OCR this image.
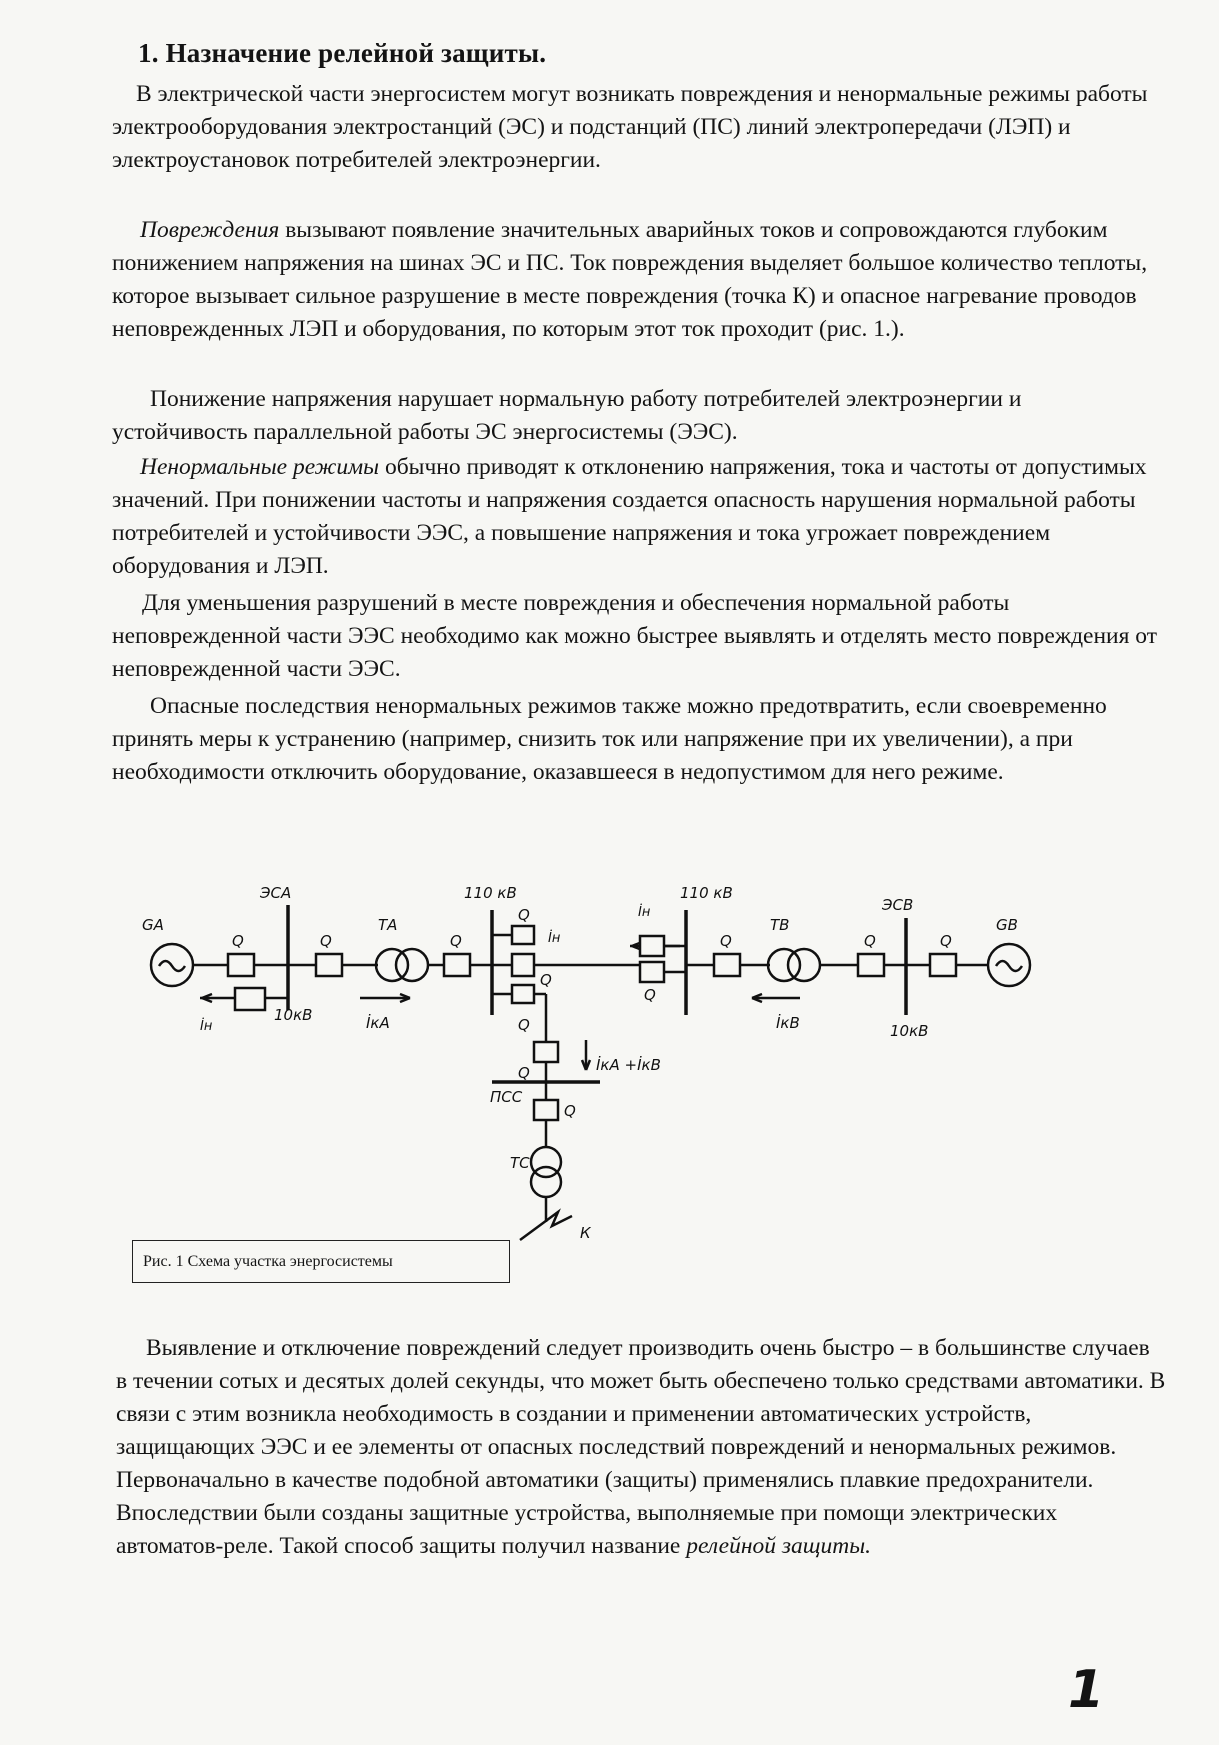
1. Назначение релейной защиты.

В электрической части энергосистем могут возникать повреждения и ненормальные режимы работы электрооборудования электростанций (ЭС) и подстанций (ПС) линий электропередачи (ЛЭП) и электроустановок потребителей электроэнергии.

Повреждения вызывают появление значительных аварийных токов и сопровождаются глубоким понижением напряжения на шинах ЭС и ПС. Ток повреждения выделяет большое количество теплоты, которое вызывает сильное разрушение в месте повреждения (точка К) и опасное нагревание проводов неповрежденных ЛЭП и оборудования, по которым этот ток проходит (рис. 1.).

Понижение напряжения нарушает нормальную работу потребителей электроэнергии и устойчивость параллельной работы ЭС энергосистемы (ЭЭС).

Ненормальные режимы обычно приводят к отклонению напряжения, тока и частоты от допустимых значений. При понижении частоты и напряжения создается опасность нарушения нормальной работы потребителей и устойчивости ЭЭС, а повышение напряжения и тока угрожает повреждением оборудования и ЛЭП.

Для уменьшения разрушений в месте повреждения и обеспечения нормальной работы неповрежденной части ЭЭС необходимо как можно быстрее выявлять и отделять место повреждения от неповрежденной части ЭЭС.

Опасные последствия ненормальных режимов также можно предотвратить, если своевременно принять меры к устранению (например, снизить ток или напряжение при их увеличении), а при необходимости отключить оборудование, оказавшееся в недопустимом для него режиме.

GA
ЭСА
ТА	ТВ
ЭСВ
GB
Q	Q	Q
Q
Q
Q
Q
Q	Q	Q
Q
Q
110 кВ	110 кВ
10кВ
10кВ
İн
İн
İн
İкА	İкВ
İкА +İкВ
ПСС
ТС
К
Рис. 1 Схема участка энергосистемы

Выявление и отключение повреждений следует производить очень быстро – в большинстве случаев в течении сотых и десятых долей секунды, что может быть обеспечено только средствами автоматики. В связи с этим возникла необходимость в создании и применении автоматических устройств, защищающих ЭЭС и ее элементы от опасных последствий повреждений и ненормальных режимов. Первоначально в качестве подобной автоматики (защиты) применялись плавкие предохранители. Впоследствии были созданы защитные устройства, выполняемые при помощи электрических автоматов-реле. Такой способ защиты получил название релейной защиты.

1
